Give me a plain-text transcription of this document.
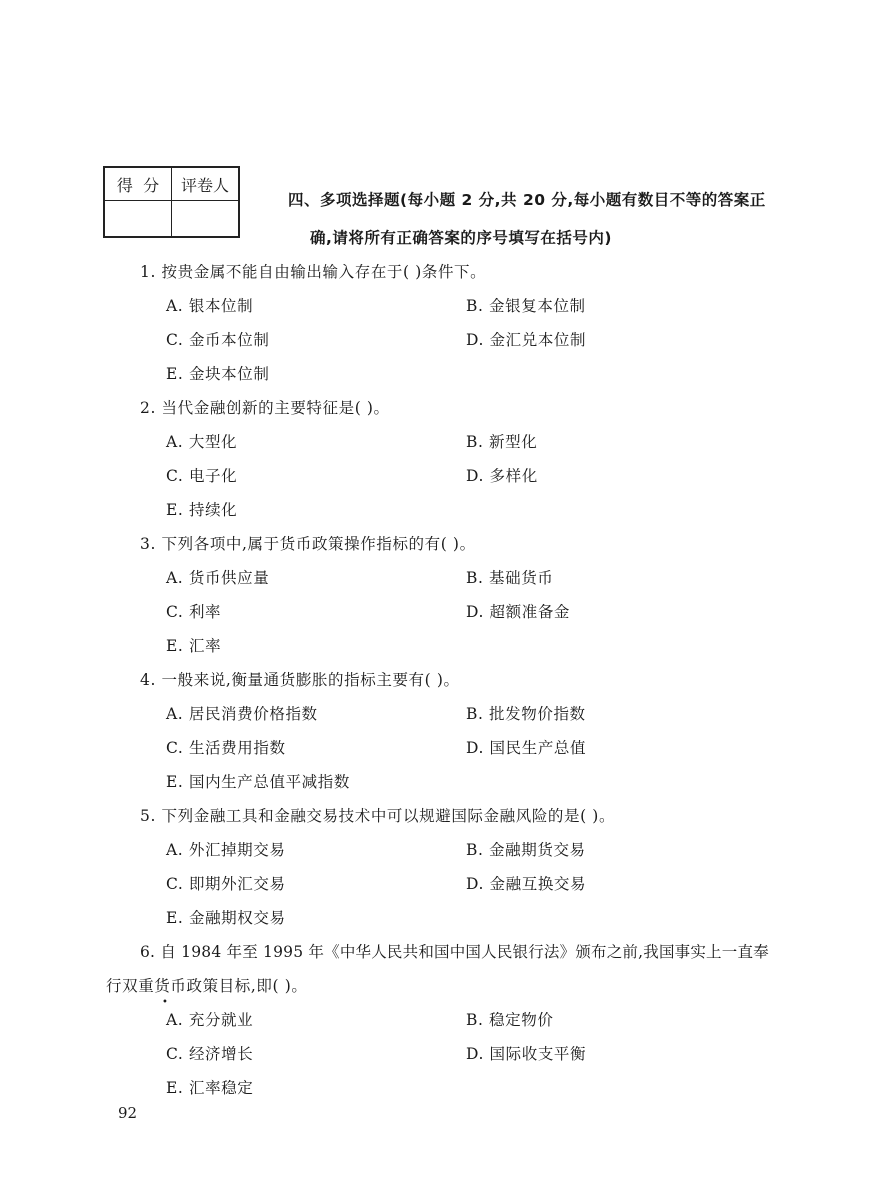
得  分	评卷人

四、多项选择题(每小题 2 分,共 20 分,每小题有数目不等的答案正
确,请将所有正确答案的序号填写在括号内)
1. 按贵金属不能自由输出输入存在于( )条件下。
A. 银本位制	B. 金银复本位制
C. 金币本位制	D. 金汇兑本位制
E. 金块本位制
2. 当代金融创新的主要特征是( )。
A. 大型化	B. 新型化
C. 电子化	D. 多样化
E. 持续化
3. 下列各项中,属于货币政策操作指标的有( )。
A. 货币供应量	B. 基础货币
C. 利率	D. 超额准备金
E. 汇率
4. 一般来说,衡量通货膨胀的指标主要有( )。
A. 居民消费价格指数	B. 批发物价指数
C. 生活费用指数	D. 国民生产总值
E. 国内生产总值平减指数
5. 下列金融工具和金融交易技术中可以规避国际金融风险的是( )。
A. 外汇掉期交易	B. 金融期货交易
C. 即期外汇交易	D. 金融互换交易
E. 金融期权交易
6. 自 1984 年至 1995 年《中华人民共和国中国人民银行法》颁布之前,我国事实上一直奉
行双重货币政策目标,即( )。
•
A. 充分就业	B. 稳定物价
C. 经济增长	D. 国际收支平衡
E. 汇率稳定
92
